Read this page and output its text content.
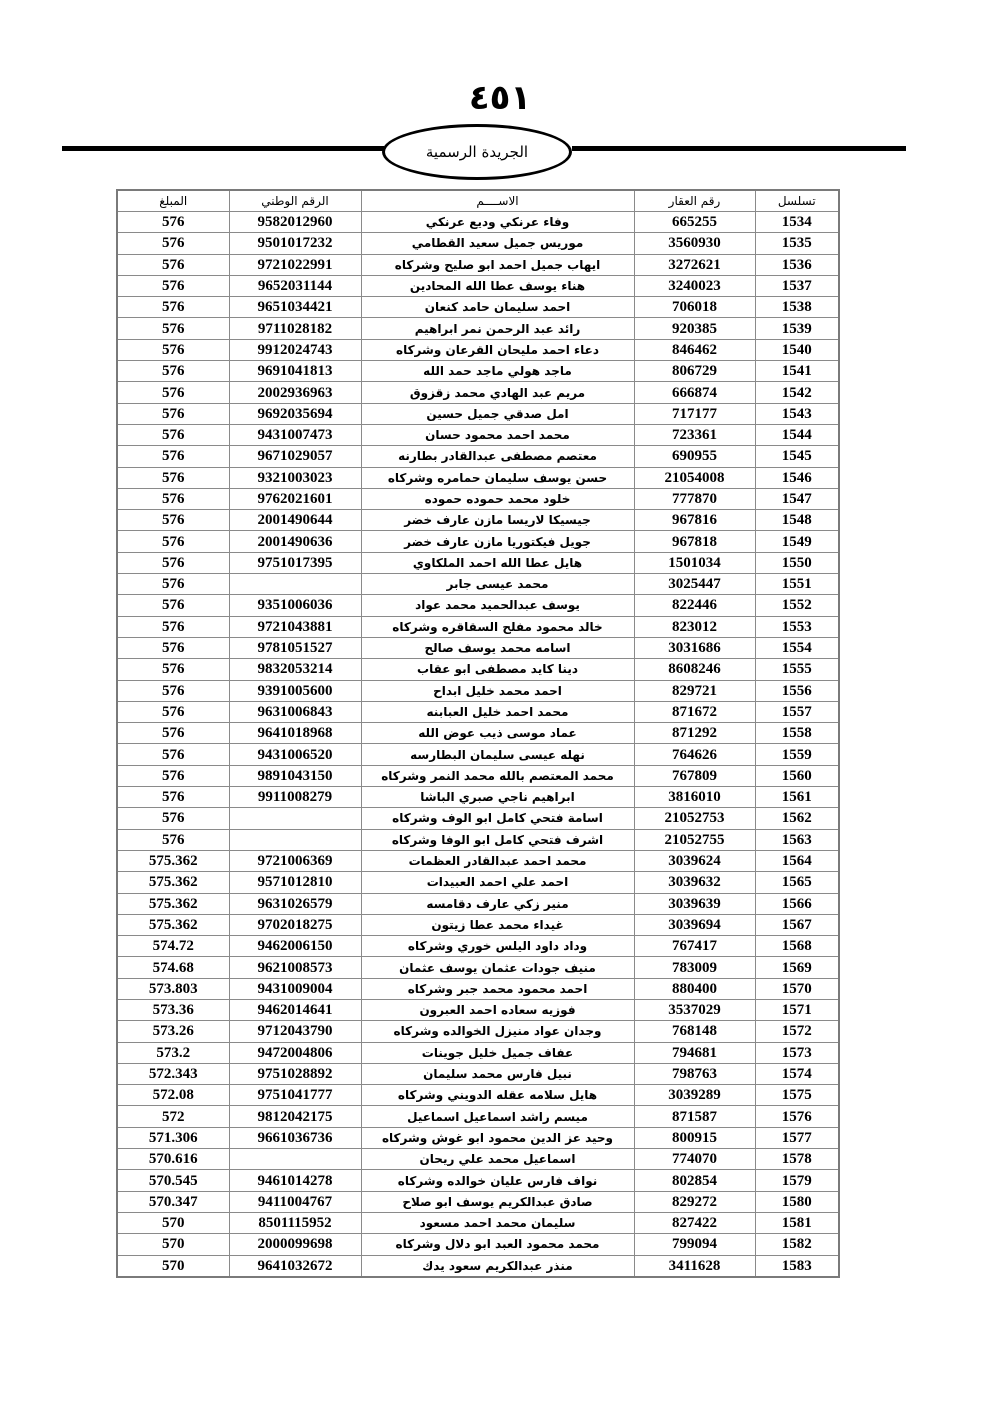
٤٥١
الجريدة الرسمية
المبلغ	الرقم الوطني	الاســــم	رقم العقار	تسلسل
576	9582012960	وفاء عرنكي وديع عرنكي	665255	1534
576	9501017232	موريس جميل سعيد القطامي	3560930	1535
576	9721022991	ايهاب جميل احمد ابو صليح وشركاه	3272621	1536
576	9652031144	هناء يوسف عطا الله المحادين	3240023	1537
576	9651034421	احمد سليمان حامد كنعان	706018	1538
576	9711028182	رائد عبد الرحمن نمر ابراهيم	920385	1539
576	9912024743	دعاء احمد مليحان القرعان وشركاه	846462	1540
576	9691041813	ماجد هولي ماجد حمد الله	806729	1541
576	2002936963	مريم عبد الهادي محمد زقزوق	666874	1542
576	9692035694	امل صدقي جميل حسين	717177	1543
576	9431007473	محمد احمد محمود حسان	723361	1544
576	9671029057	معتصم مصطفى عبدالقادر بطارنه	690955	1545
576	9321003023	حسن يوسف سليمان حمامره وشركاه	21054008	1546
576	9762021601	خلود محمد حموده حموده	777870	1547
576	2001490644	جيسيكا لاريسا مازن عارف خضر	967816	1548
576	2001490636	جويل فيكتوريا مازن عارف خضر	967818	1549
576	9751017395	هايل عطا الله احمد الملكاوي	1501034	1550
576		محمد عيسى جابر	3025447	1551
576	9351006036	يوسف عبدالحميد محمد عواد	822446	1552
576	9721043881	خالد محمود مفلح السقاقره وشركاه	823012	1553
576	9781051527	اسامه محمد يوسف صالح	3031686	1554
576	9832053214	دينا كايد مصطفى ابو عقاب	8608246	1555
576	9391005600	احمد محمد خليل ابداح	829721	1556
576	9631006843	محمد احمد خليل العبابنه	871672	1557
576	9641018968	عماد موسى ذيب عوض الله	871292	1558
576	9431006520	نهله عيسى سليمان البطارسه	764626	1559
576	9891043150	محمد المعتصم بالله محمد النمر وشركاه	767809	1560
576	9911008279	ابراهيم ناجي صبري الباشا	3816010	1561
576		اسامة فتحي كامل ابو الوف وشركاه	21052753	1562
576		اشرف فتحي كامل ابو الوفا وشركاه	21052755	1563
575.362	9721006369	محمد احمد عبدالقادر العظمات	3039624	1564
575.362	9571012810	احمد علي احمد العبيدات	3039632	1565
575.362	9631026579	منير زكي عارف دقامسه	3039639	1566
575.362	9702018275	غيداء محمد عطا زيتون	3039694	1567
574.72	9462006150	وداد داود اليلس خوري وشركاه	767417	1568
574.68	9621008573	منيف جودات عثمان يوسف عثمان	783009	1569
573.803	9431009004	احمد محمود محمد جبر وشركاه	880400	1570
573.36	9462014641	فوزيه سعاده احمد العبرون	3537029	1571
573.26	9712043790	وجدان عواد منيزل الخوالده وشركاه	768148	1572
573.2	9472004806	عفاف جميل خليل جوينات	794681	1573
572.343	9751028892	نبيل فارس محمد سليمان	798763	1574
572.08	9751041777	هايل سلامه عقله الدويني وشركاه	3039289	1575
572	9812042175	ميسم راشد اسماعيل اسماعيل	871587	1576
571.306	9661036736	وحيد عز الدين محمود ابو غوش وشركاه	800915	1577
570.616		اسماعيل محمد علي ريحان	774070	1578
570.545	9461014278	نواف فارس عليان خوالده وشركاه	802854	1579
570.347	9411004767	صادق عبدالكريم يوسف ابو صلاح	829272	1580
570	8501115952	سليمان محمد احمد مسعود	827422	1581
570	2000099698	محمد محمود العبد ابو دلال وشركاه	799094	1582
570	9641032672	منذر عبدالكريم سعود يدك	3411628	1583
